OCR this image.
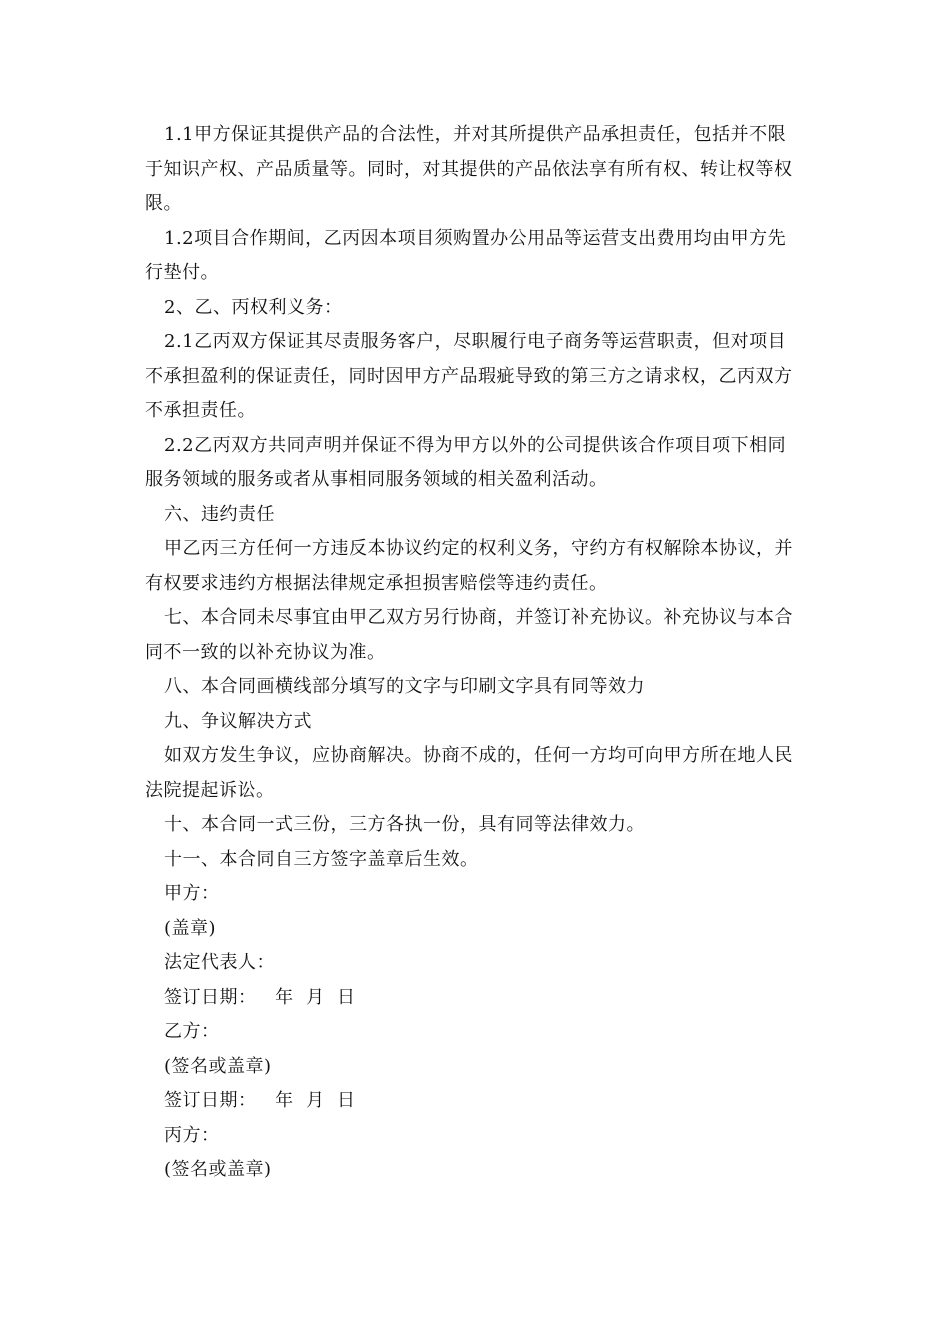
1.1甲方保证其提供产品的合法性，并对其所提供产品承担责任，包括并不限于知识产权、产品质量等。同时，对其提供的产品依法享有所有权、转让权等权限。

1.2项目合作期间，乙丙因本项目须购置办公用品等运营支出费用均由甲方先行垫付。

2、乙、丙权利义务：

2.1乙丙双方保证其尽责服务客户，尽职履行电子商务等运营职责，但对项目不承担盈利的保证责任，同时因甲方产品瑕疵导致的第三方之请求权，乙丙双方不承担责任。

2.2乙丙双方共同声明并保证不得为甲方以外的公司提供该合作项目项下相同服务领域的服务或者从事相同服务领域的相关盈利活动。

六、违约责任

甲乙丙三方任何一方违反本协议约定的权利义务，守约方有权解除本协议，并有权要求违约方根据法律规定承担损害赔偿等违约责任。

七、本合同未尽事宜由甲乙双方另行协商，并签订补充协议。补充协议与本合同不一致的以补充协议为准。

八、本合同画横线部分填写的文字与印刷文字具有同等效力

九、争议解决方式

如双方发生争议，应协商解决。协商不成的，任何一方均可向甲方所在地人民法院提起诉讼。

十、本合同一式三份，三方各执一份，具有同等法律效力。

十一、本合同自三方签字盖章后生效。

甲方：

(盖章)

法定代表人：

签订日期：   年  月  日

乙方：

(签名或盖章)

签订日期：   年  月  日

丙方：

(签名或盖章)
